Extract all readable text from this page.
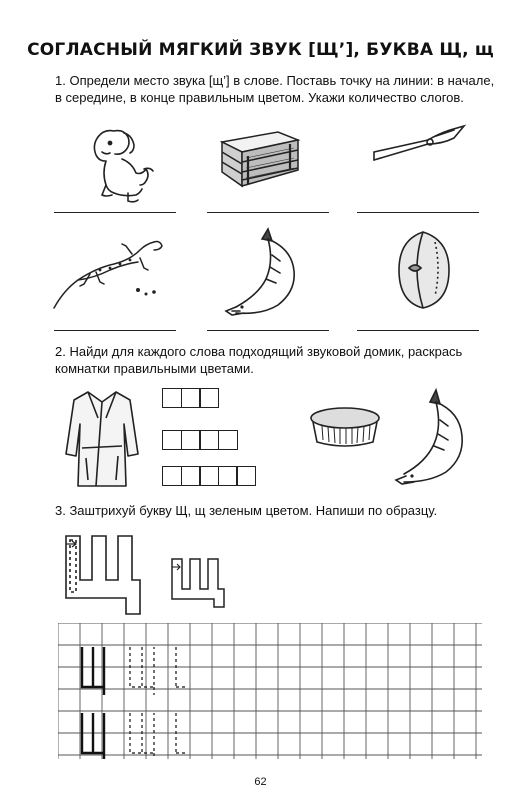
СОГЛАСНЫЙ МЯГКИЙ ЗВУК [Щ’], БУКВА Щ, щ
1. Определи место звука [щ’] в слове. Поставь точку на линии: в начале, в середине, в конце правильным цветом. Укажи количество слогов.
2. Найди для каждого слова подходящий звуковой домик, раскрась комнатки правильными цветами.
3. Заштрихуй букву Щ, щ зеленым цветом. Напиши по образцу.
62
